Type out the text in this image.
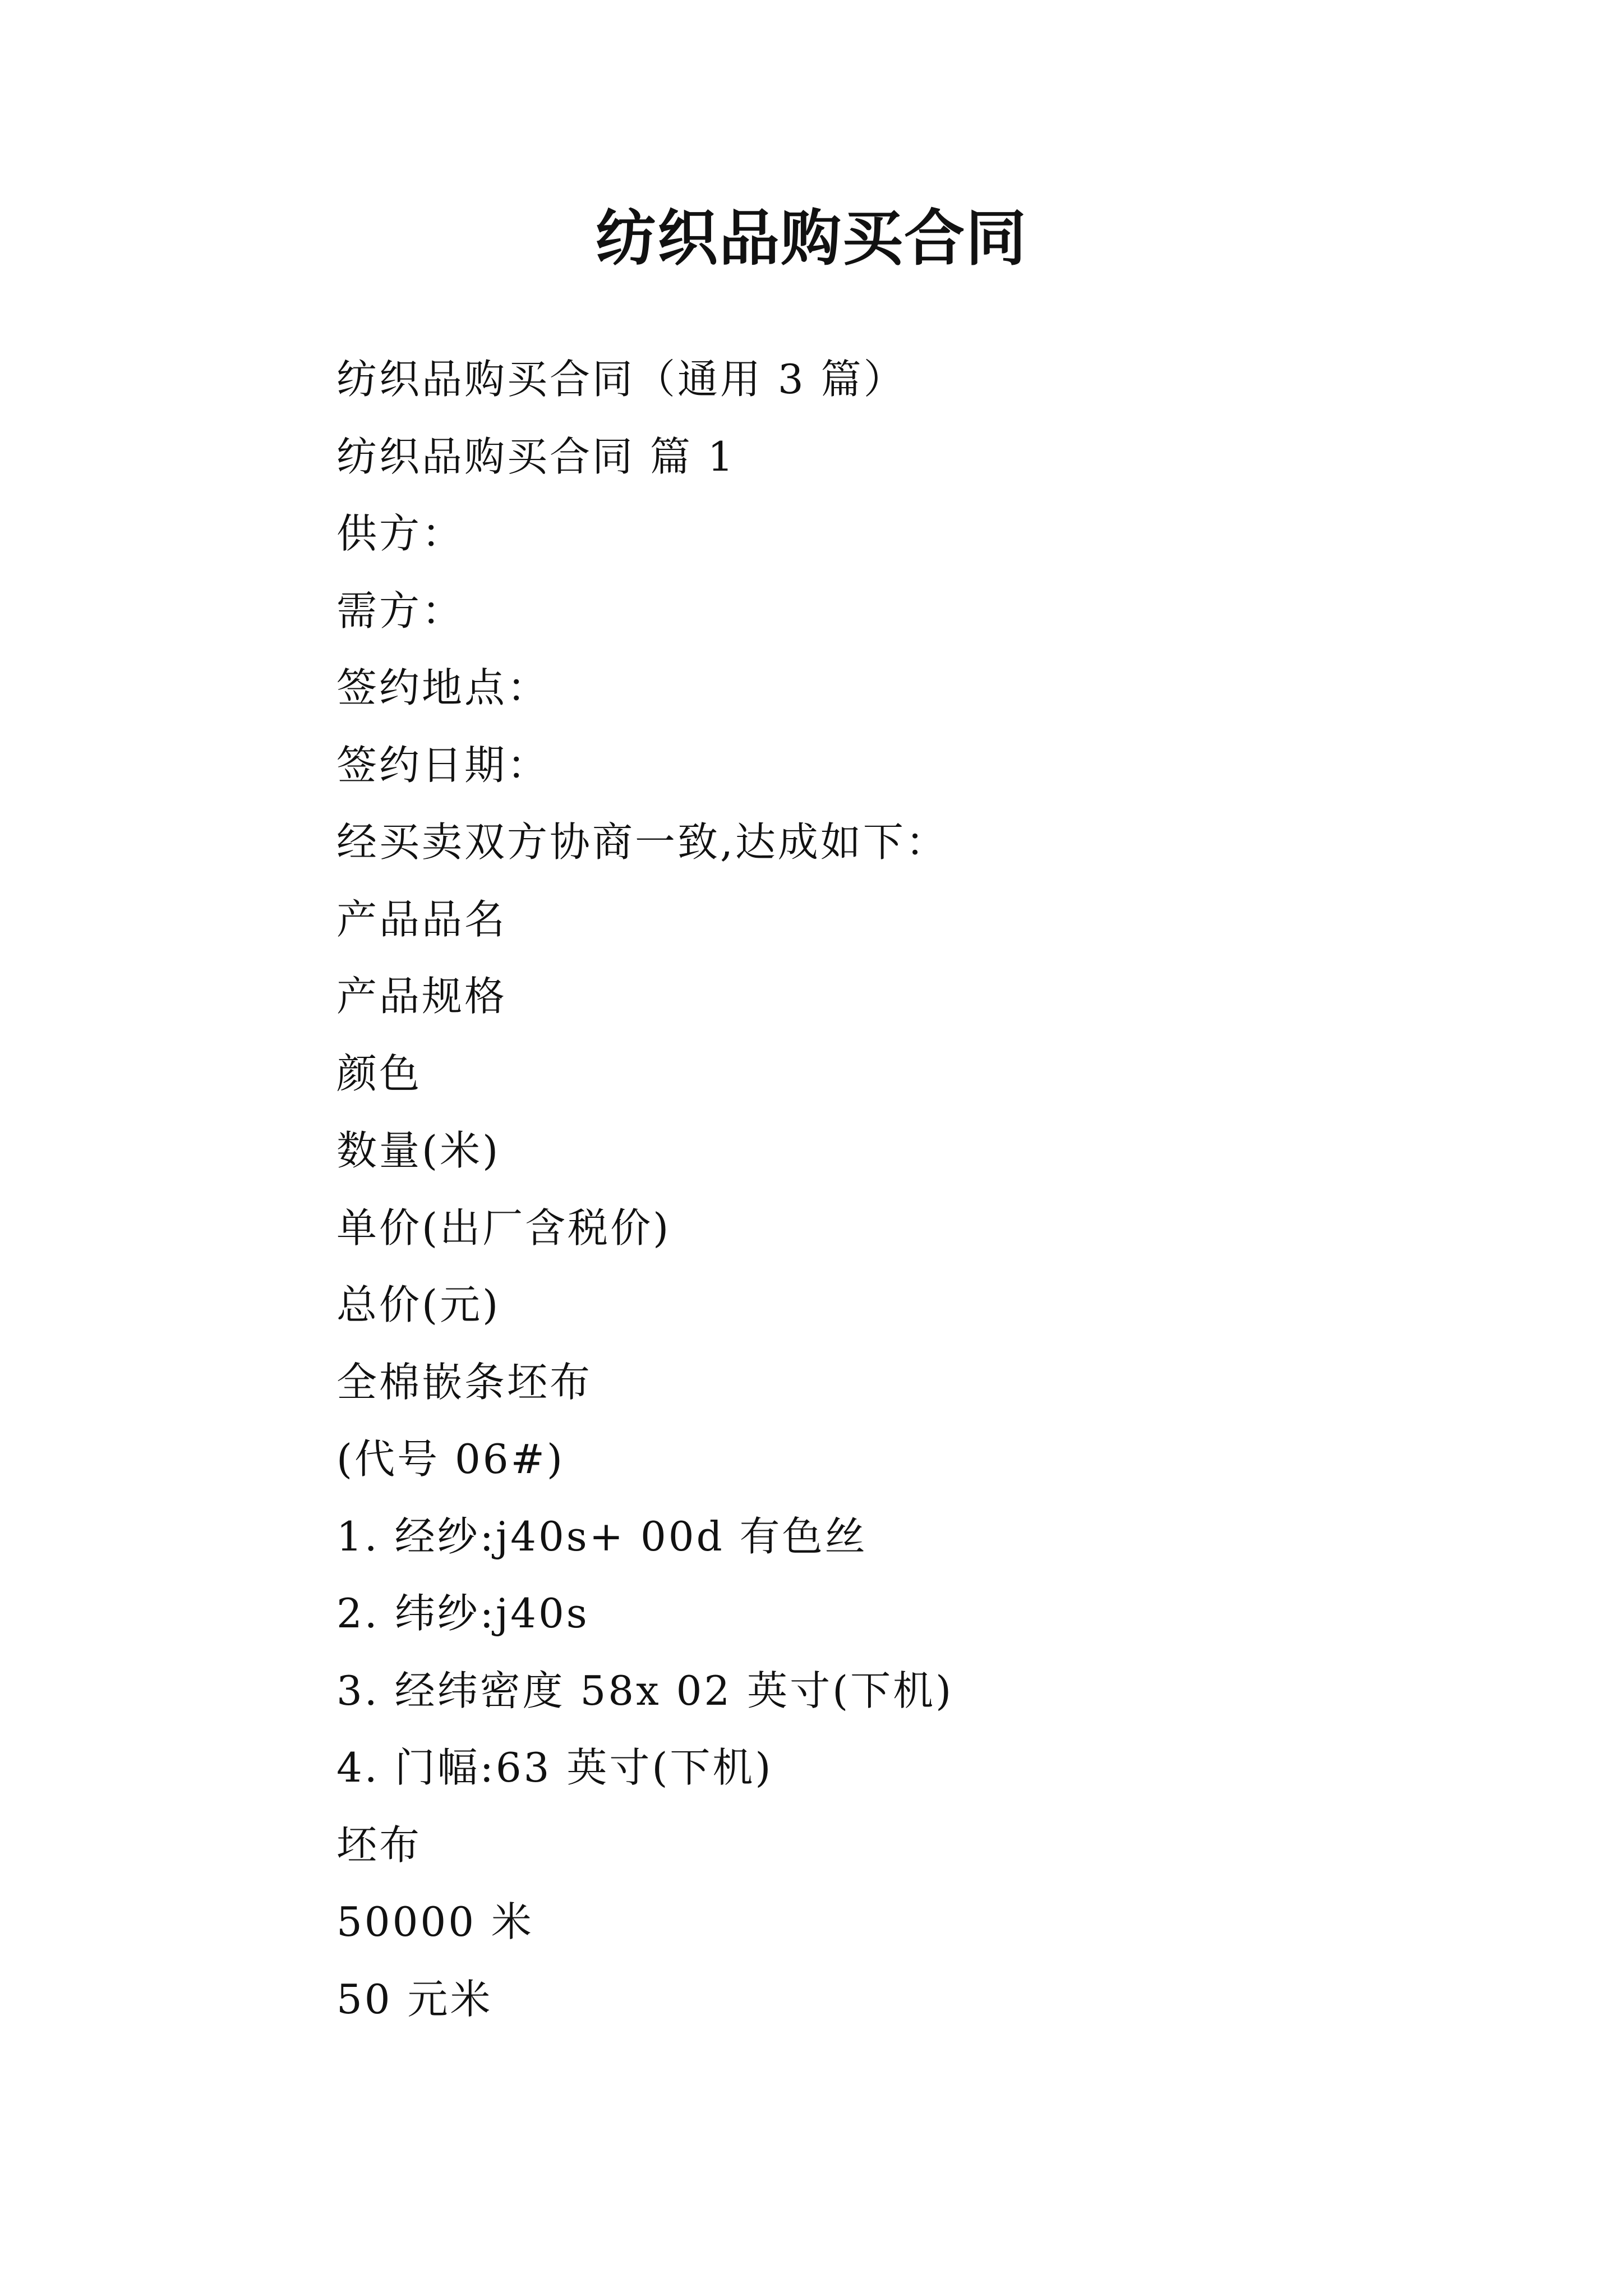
纺织品购买合同
纺织品购买合同（通用 3 篇）
纺织品购买合同 篇 1
供方：
需方：
签约地点：
签约日期：
经买卖双方协商一致,达成如下：
产品品名
产品规格
颜色
数量(米)
单价(出厂含税价)
总价(元)
全棉嵌条坯布
(代号 06#)
1. 经纱:j40s+ 00d 有色丝
2. 纬纱:j40s
3. 经纬密度 58x 02 英寸(下机)
4. 门幅:63 英寸(下机)
坯布
50000 米
50 元米
